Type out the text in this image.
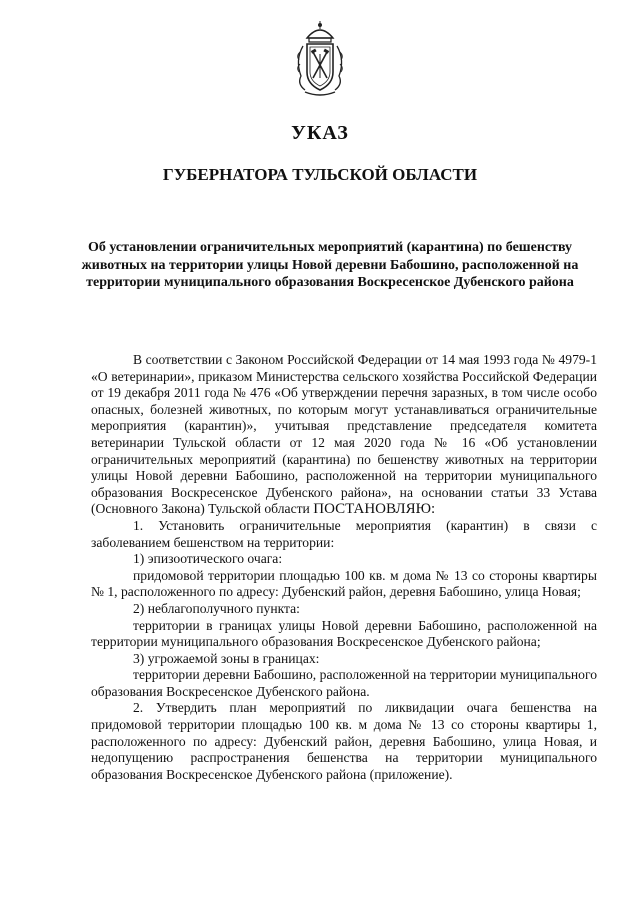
УКАЗ
ГУБЕРНАТОРА ТУЛЬСКОЙ ОБЛАСТИ
Об установлении ограничительных мероприятий (карантина) по бешенству животных на территории улицы Новой деревни Бабошино, расположенной на территории муниципального образования Воскресенское Дубенского района

В соответствии с Законом Российской Федерации от 14 мая 1993 года № 4979-1 «О ветеринарии», приказом Министерства сельского хозяйства Российской Федерации от 19 декабря 2011 года № 476 «Об утверждении перечня заразных, в том числе особо опасных, болезней животных, по которым могут устанавливаться ограничительные мероприятия (карантин)», учитывая представление председателя комитета ветеринарии Тульской области от 12 мая 2020 года № 16 «Об установлении ограничительных мероприятий (карантина) по бешенству животных на территории улицы Новой деревни Бабошино, расположенной на территории муниципального образования Воскресенское Дубенского района», на основании статьи 33 Устава (Основного Закона) Тульской области ПОСТАНОВЛЯЮ:

1. Установить ограничительные мероприятия (карантин) в связи с заболеванием бешенством на территории:

1) эпизоотического очага:

придомовой территории площадью 100 кв. м дома № 13 со стороны квартиры № 1, расположенного по адресу: Дубенский район, деревня Бабошино, улица Новая;

2) неблагополучного пункта:

территории в границах улицы Новой деревни Бабошино, расположенной на территории муниципального образования Воскресенское Дубенского района;

3) угрожаемой зоны в границах:

территории деревни Бабошино, расположенной на территории муниципального образования Воскресенское Дубенского района.

2. Утвердить план мероприятий по ликвидации очага бешенства на придомовой территории площадью 100 кв. м дома № 13 со стороны квартиры 1, расположенного по адресу: Дубенский район, деревня Бабошино, улица Новая, и недопущению распространения бешенства на территории муниципального образования Воскресенское Дубенского района (приложение).
